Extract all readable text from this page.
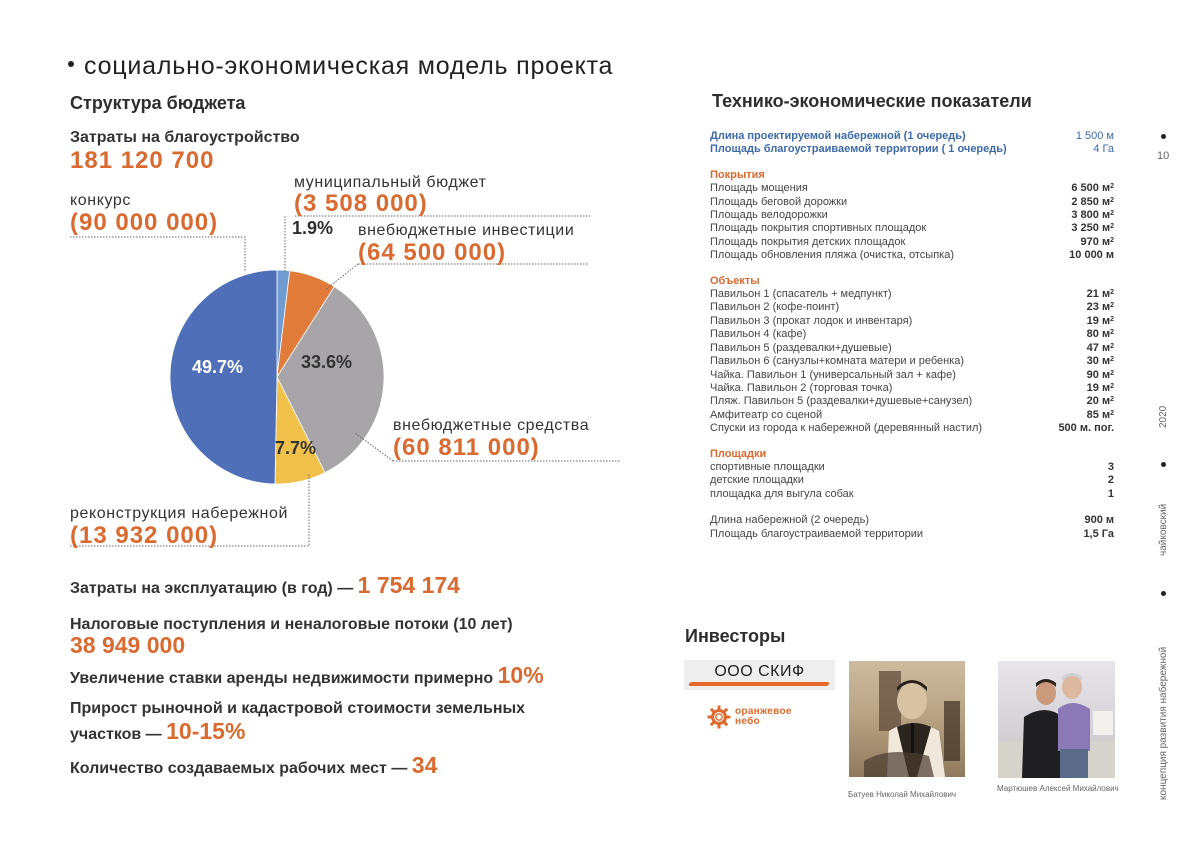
социально-экономическая модель проекта
Структура бюджета
Затраты на благоустройство
181 120 700
1.9%
33.6%
7.7%
49.7%
конкурс
(90 000 000)
муниципальный бюджет
(3 508 000)
внебюджетные инвестиции
(64 500 000)
внебюджетные средства
(60 811 000)
реконструкция набережной
(13 932 000)
Затраты на эксплуатацию (в год) — 1 754 174
Налоговые поступления и неналоговые потоки (10 лет)
38 949 000
Увеличение ставки аренды недвижимости примерно 10%
Прирост рыночной и кадастровой стоимости земельных
участков — 10-15%
Количество создаваемых рабочих мест — 34
Технико-экономические показатели
Длина проектируемой набережной (1 очередь)	1 500 м
Площадь благоустраиваемой территории ( 1 очередь)	4 Га
Покрытия
Площадь мощения	6 500 $м^2$
Площадь беговой дорожки	2 850 $м^2$
Площадь велодорожки	3 800 $м^2$
Площадь покрытия спортивных площадок	3 250 $м^2$
Площадь покрытия детских площадок	970 $м^2$
Площадь обновления пляжа (очистка, отсыпка)	10 000 м
Объекты
Павильон 1 (спасатель + медпункт)	21 $м^2$
Павильон 2 (кофе-поинт)	23 $м^2$
Павильон 3 (прокат лодок и инвентаря)	19 $м^2$
Павильон 4 (кафе)	80 $м^2$
Павильон 5 (раздевалки+душевые)	47 $м^2$
Павильон 6 (санузлы+комната матери и ребенка)	30 $м^2$
Чайка. Павильон 1 (универсальный зал + кафе)	90 $м^2$
Чайка. Павильон 2 (торговая точка)	19 $м^2$
Пляж. Павильон 5 (раздевалки+душевые+санузел)	20 $м^2$
Амфитеатр со сценой	85 $м^2$
Спуски из города к набережной (деревянный настил)	500 м. пог.
Площадки
спортивные площадки	3
детские площадки	2
площадка для выгула собак	1
Длина набережной (2 очередь)	900 м
Площадь благоустраиваемой территории	1,5 Га
10
2020
чайковский
концепция развития набережной
Инвесторы
ООО СКИФ
оранжевое
небо
Батуев Николай Михайлович
Мартюшев Алексей Михайлович
